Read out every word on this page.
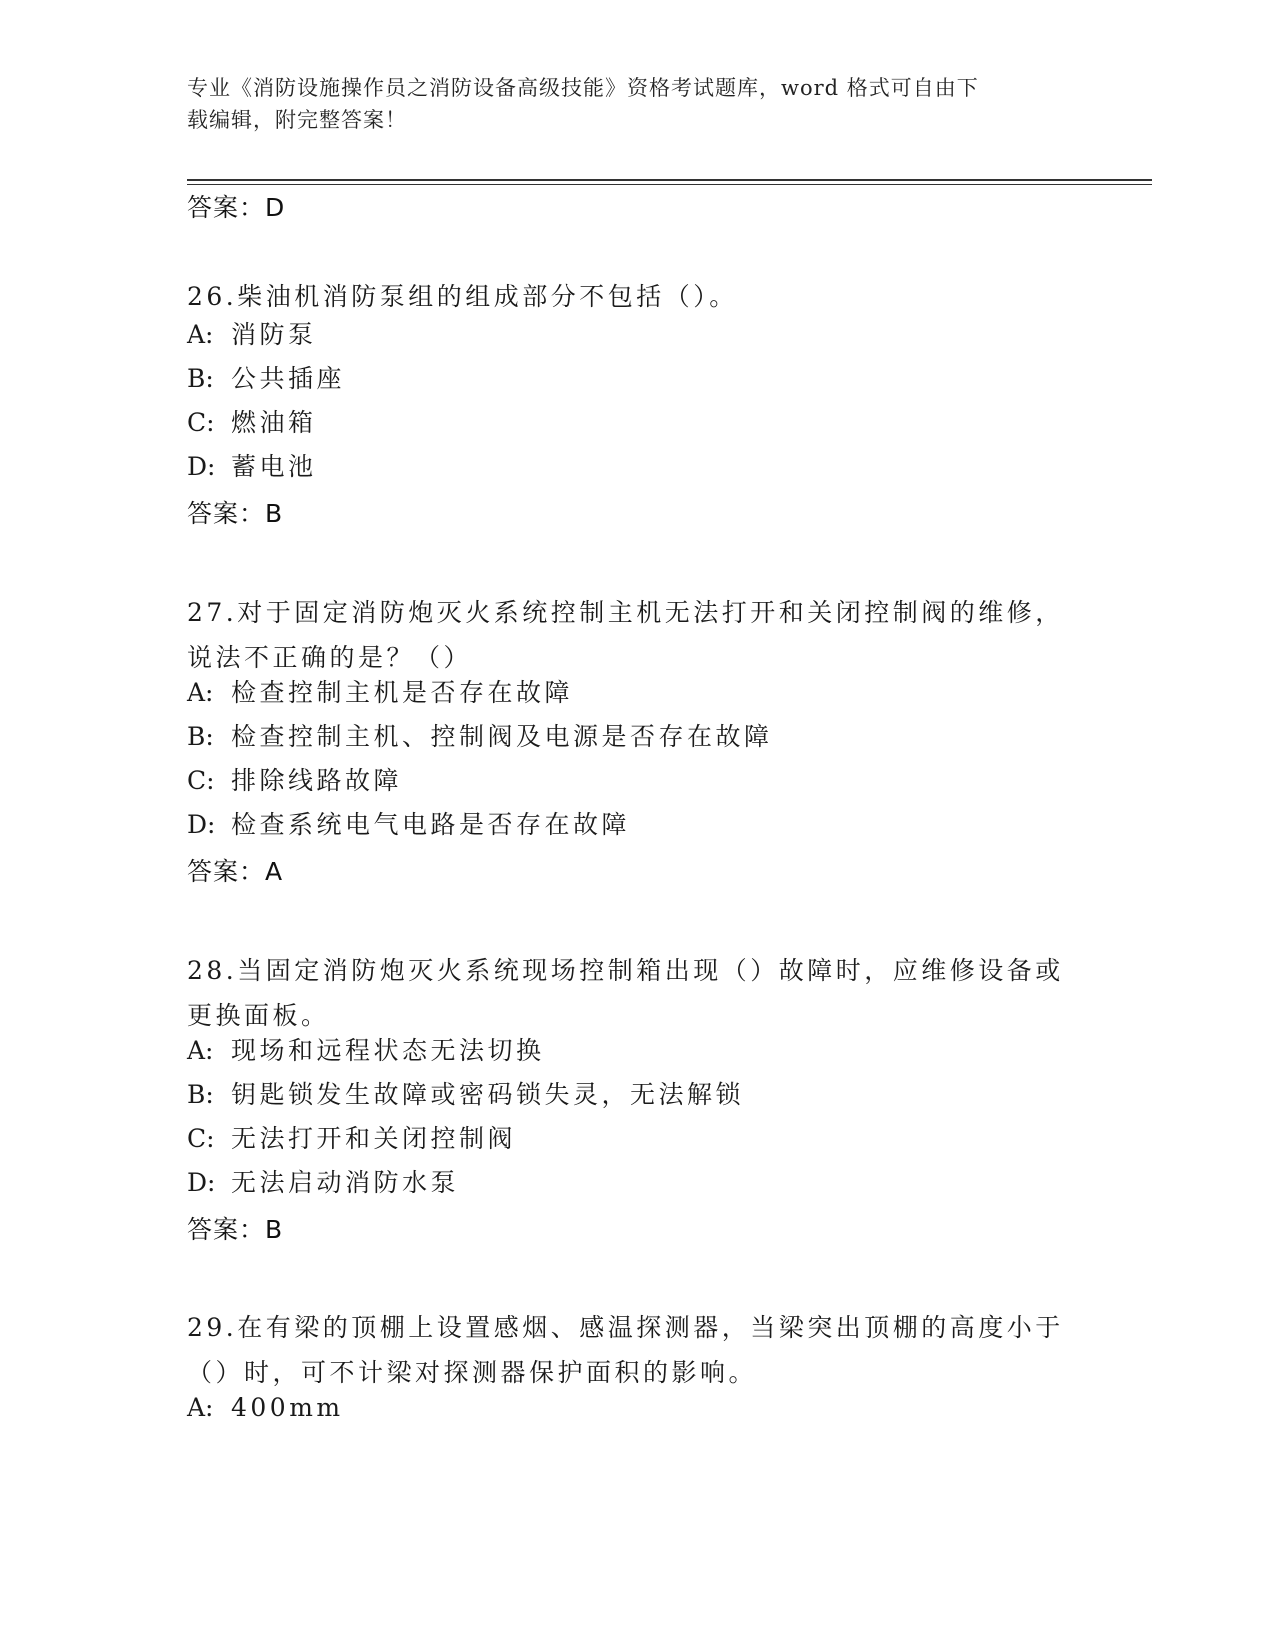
专业《消防设施操作员之消防设备高级技能》资格考试题库，word 格式可自由下
载编辑，附完整答案！
答案：D
26.柴油机消防泵组的组成部分不包括（）。
A: 消防泵
B: 公共插座
C: 燃油箱
D: 蓄电池
答案：B
27.对于固定消防炮灭火系统控制主机无法打开和关闭控制阀的维修，说法不正确的是？（）
A: 检查控制主机是否存在故障
B: 检查控制主机、控制阀及电源是否存在故障
C: 排除线路故障
D: 检查系统电气电路是否存在故障
答案：A
28.当固定消防炮灭火系统现场控制箱出现（）故障时，应维修设备或更换面板。
A: 现场和远程状态无法切换
B: 钥匙锁发生故障或密码锁失灵，无法解锁
C: 无法打开和关闭控制阀
D: 无法启动消防水泵
答案：B
29.在有梁的顶棚上设置感烟、感温探测器，当梁突出顶棚的高度小于（）时，可不计梁对探测器保护面积的影响。
A: 400mm
